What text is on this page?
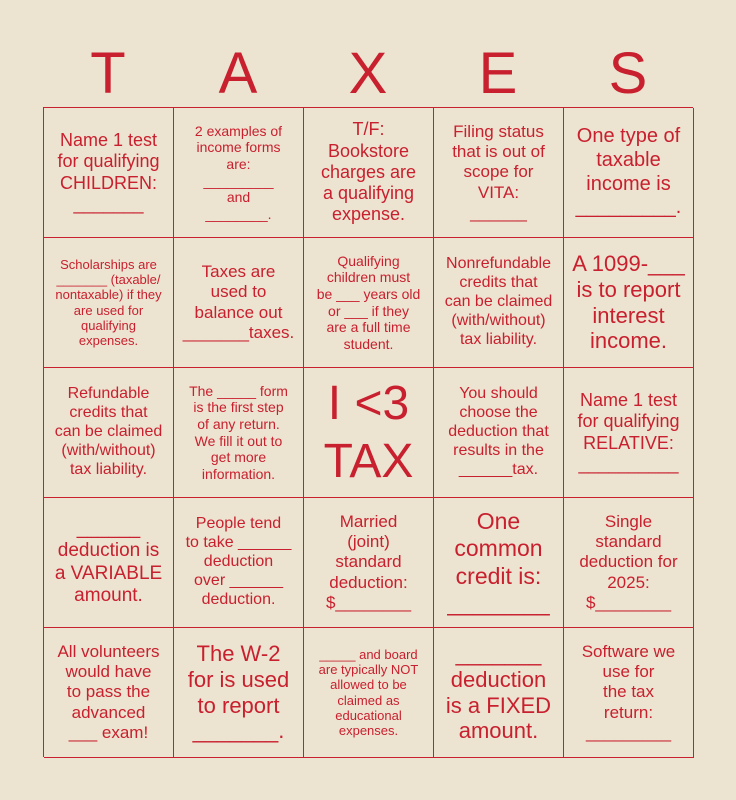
T	A	X	E	S
Name 1 test
for qualifying
CHILDREN:
_______
2 examples of
income forms
are:
_________
and
________.
T/F:
Bookstore
charges are
a qualifying
expense.
Filing status
that is out of
scope for
VITA:
______
One type of
taxable
income is
_________.
Scholarships are
_______ (taxable/
nontaxable) if they
are used for
qualifying
expenses.
Taxes are
used to
balance out
_______taxes.
Qualifying
children must
be ___ years old
or ___ if they
are a full time
student.
Nonrefundable
credits that
can be claimed
(with/without)
tax liability.
A 1099-___
is to report
interest
income.
Refundable
credits that
can be claimed
(with/without)
tax liability.
The _____ form
is the first step
of any return.
We fill it out to
get more
information.
I <3
TAX
You should
choose the
deduction that
results in the
______tax.
Name 1 test
for qualifying
RELATIVE:
__________
______
deduction is
a VARIABLE
amount.
People tend
to take ______
deduction
over ______
deduction.
Married
(joint)
standard
deduction:
$________
One
common
credit is:
________
Single
standard
deduction for
2025:
$________
All volunteers
would have
to pass the
advanced
___ exam!
The W-2
for is used
to report
_______.
_____ and board
are typically NOT
allowed to be
claimed as
educational
expenses.
_______
deduction
is a FIXED
amount.
Software we
use for
the tax
return:
_________
